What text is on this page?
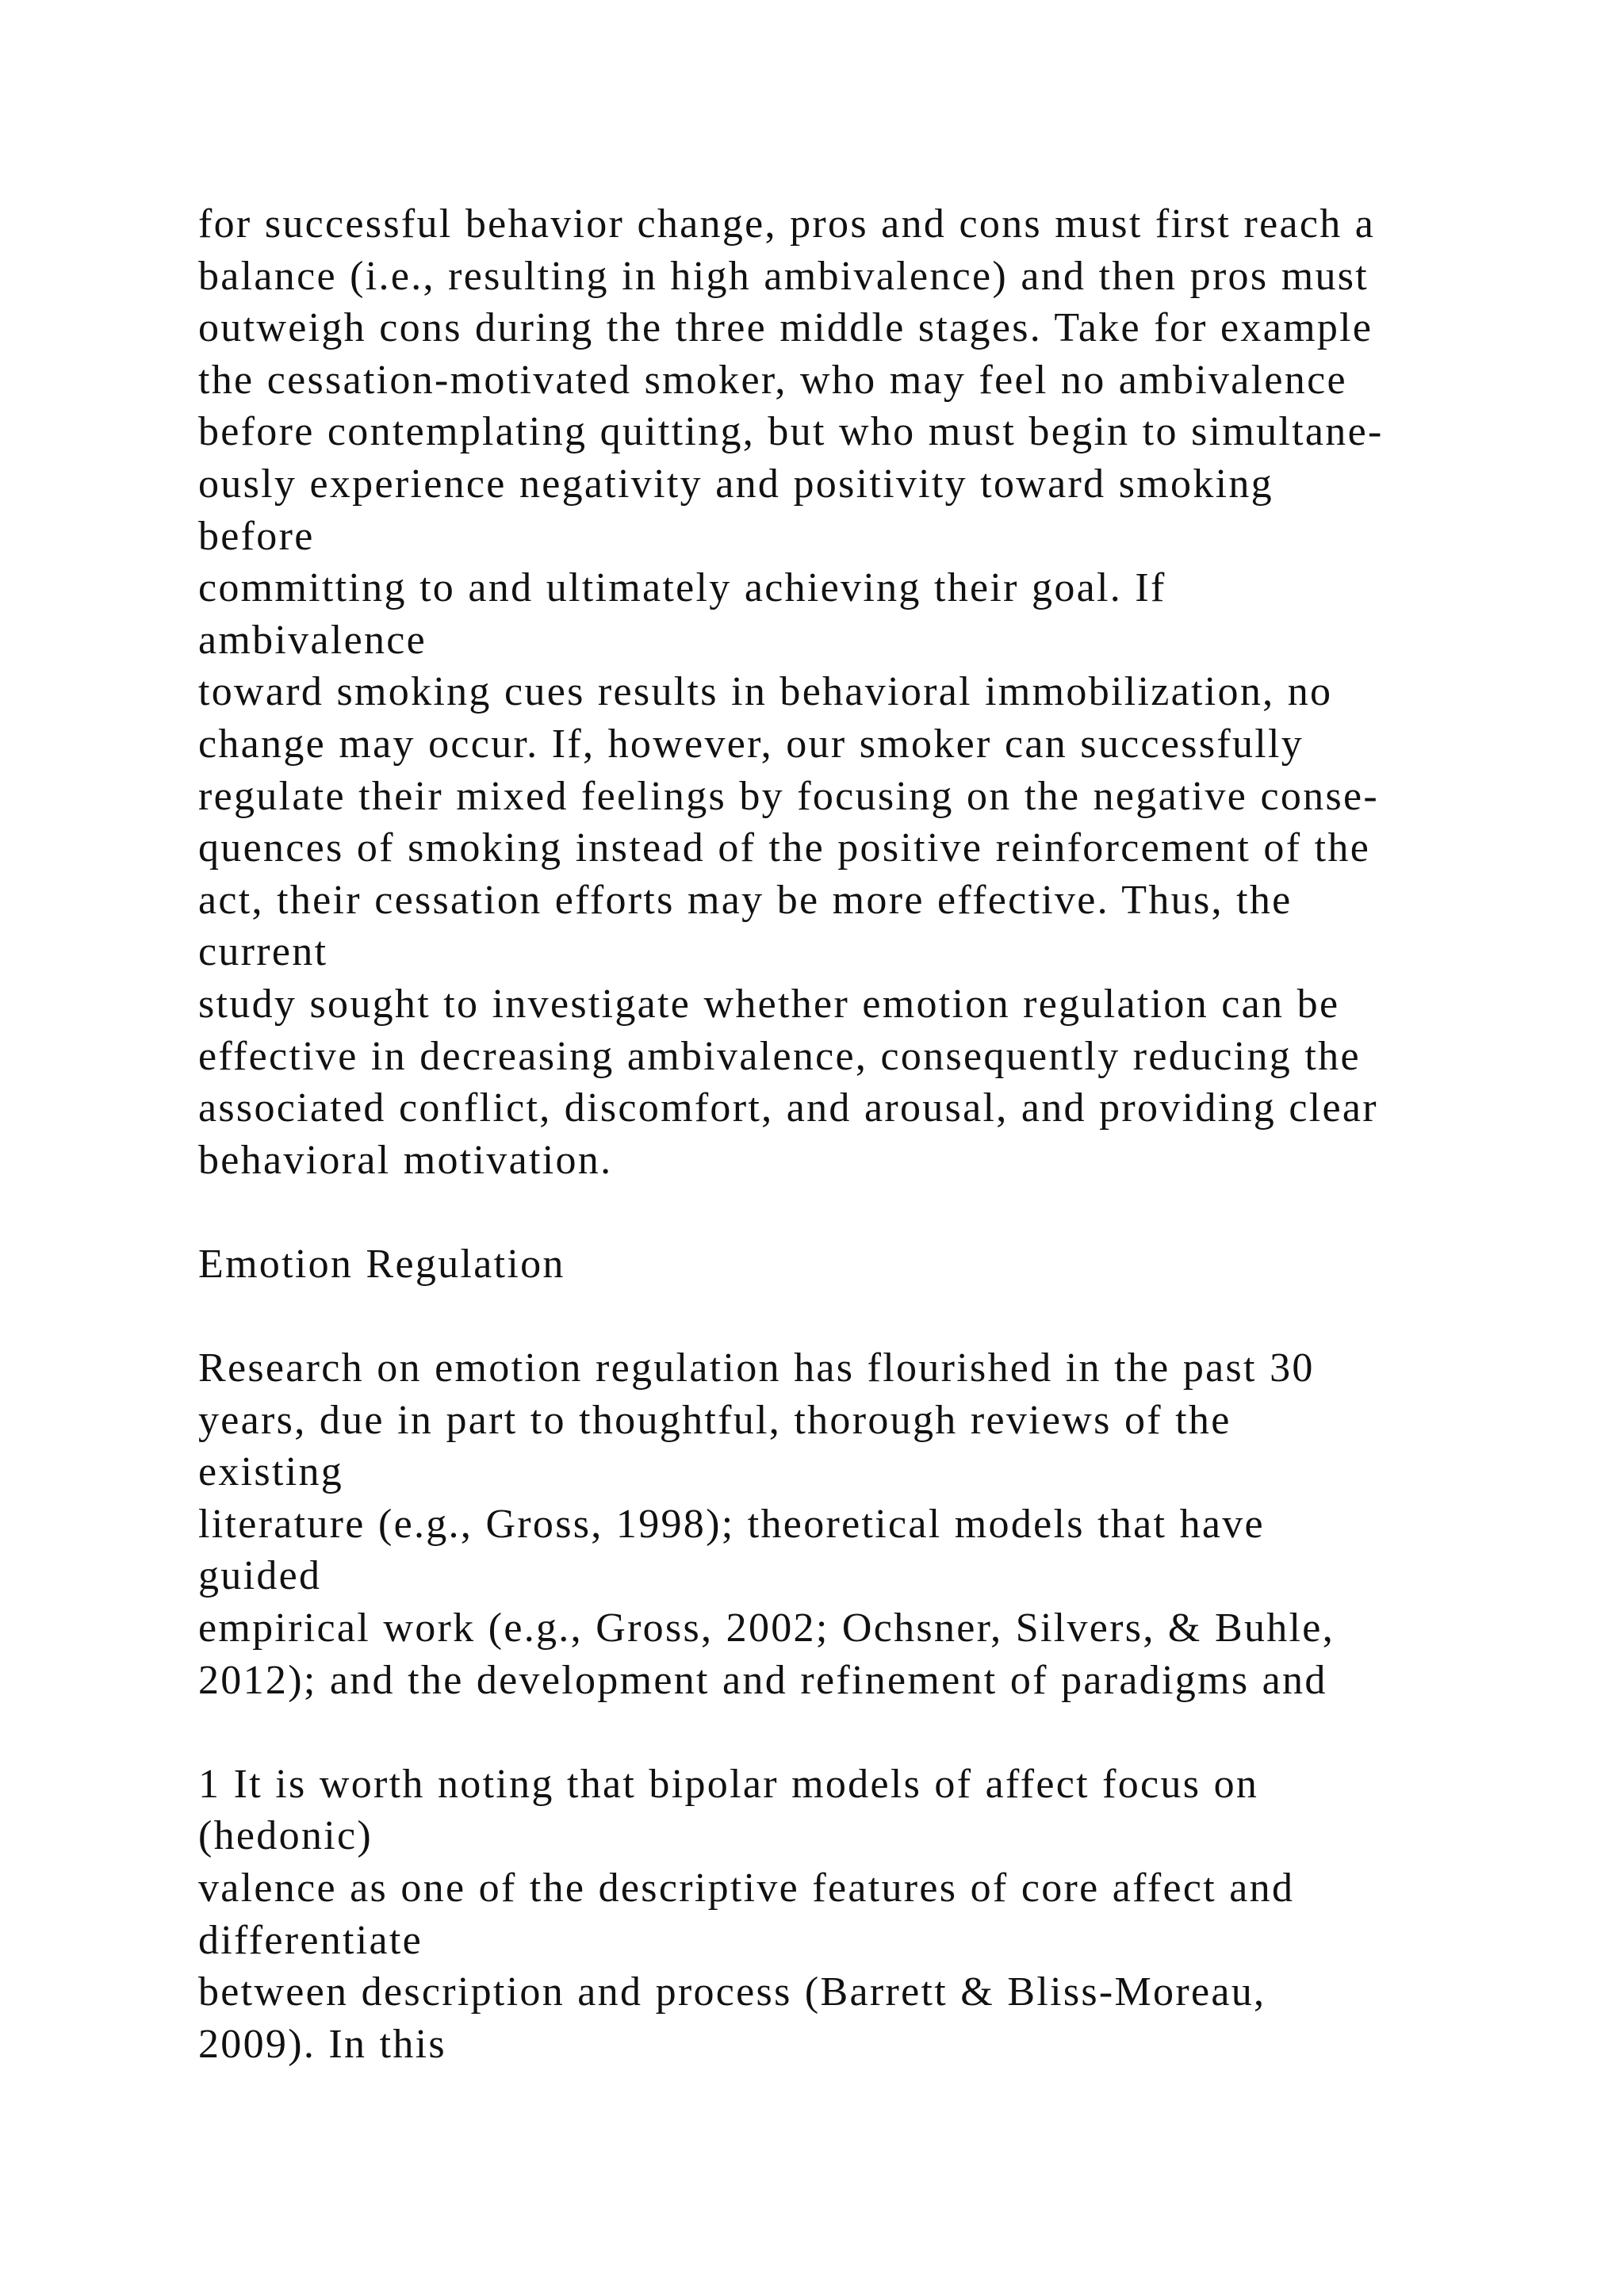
for successful behavior change, pros and cons must first reach a
balance (i.e., resulting in high ambivalence) and then pros must
outweigh cons during the three middle stages. Take for example
the cessation-motivated smoker, who may feel no ambivalence
before contemplating quitting, but who must begin to simultane-
ously experience negativity and positivity toward smoking
before
committing to and ultimately achieving their goal. If
ambivalence
toward smoking cues results in behavioral immobilization, no
change may occur. If, however, our smoker can successfully
regulate their mixed feelings by focusing on the negative conse-
quences of smoking instead of the positive reinforcement of the
act, their cessation efforts may be more effective. Thus, the
current
study sought to investigate whether emotion regulation can be
effective in decreasing ambivalence, consequently reducing the
associated conflict, discomfort, and arousal, and providing clear
behavioral motivation.
Emotion Regulation
Research on emotion regulation has flourished in the past 30
years, due in part to thoughtful, thorough reviews of the
existing
literature (e.g., Gross, 1998); theoretical models that have
guided
empirical work (e.g., Gross, 2002; Ochsner, Silvers, & Buhle,
2012); and the development and refinement of paradigms and
1 It is worth noting that bipolar models of affect focus on
(hedonic)
valence as one of the descriptive features of core affect and
differentiate
between description and process (Barrett & Bliss-Moreau,
2009). In this
